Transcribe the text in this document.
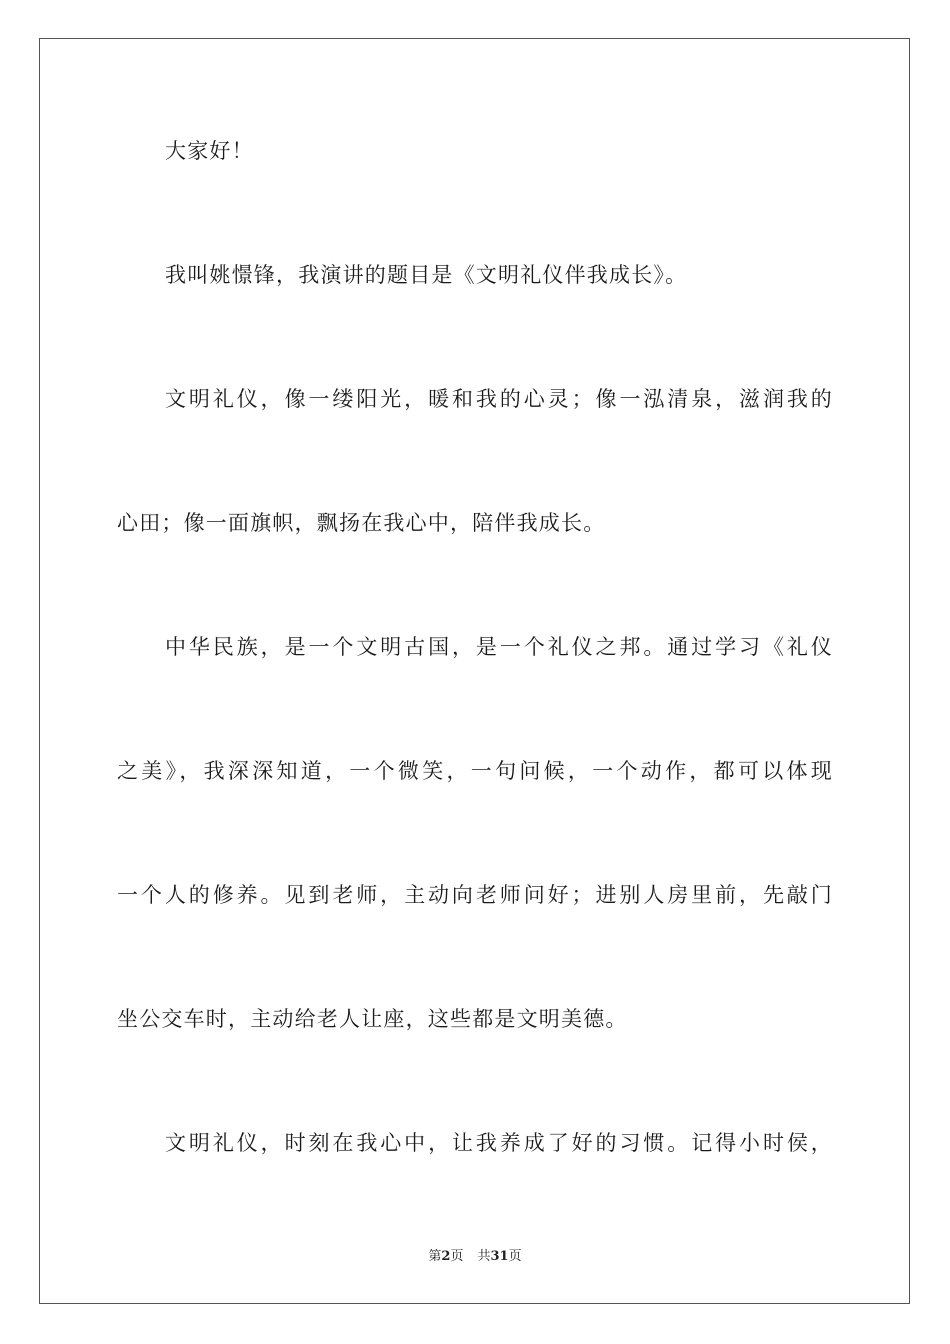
大家好！
我叫姚憬锋，我演讲的题目是《文明礼仪伴我成长》。
文明礼仪，像一缕阳光，暖和我的心灵；像一泓清泉，滋润我的
心田；像一面旗帜，飘扬在我心中，陪伴我成长。
中华民族，是一个文明古国，是一个礼仪之邦。通过学习《礼仪
之美》，我深深知道，一个微笑，一句问候，一个动作，都可以体现
一个人的修养。见到老师，主动向老师问好；进别人房里前，先敲门
坐公交车时，主动给老人让座，这些都是文明美德。
文明礼仪，时刻在我心中，让我养成了好的习惯。记得小时侯，
第2页 共31页
